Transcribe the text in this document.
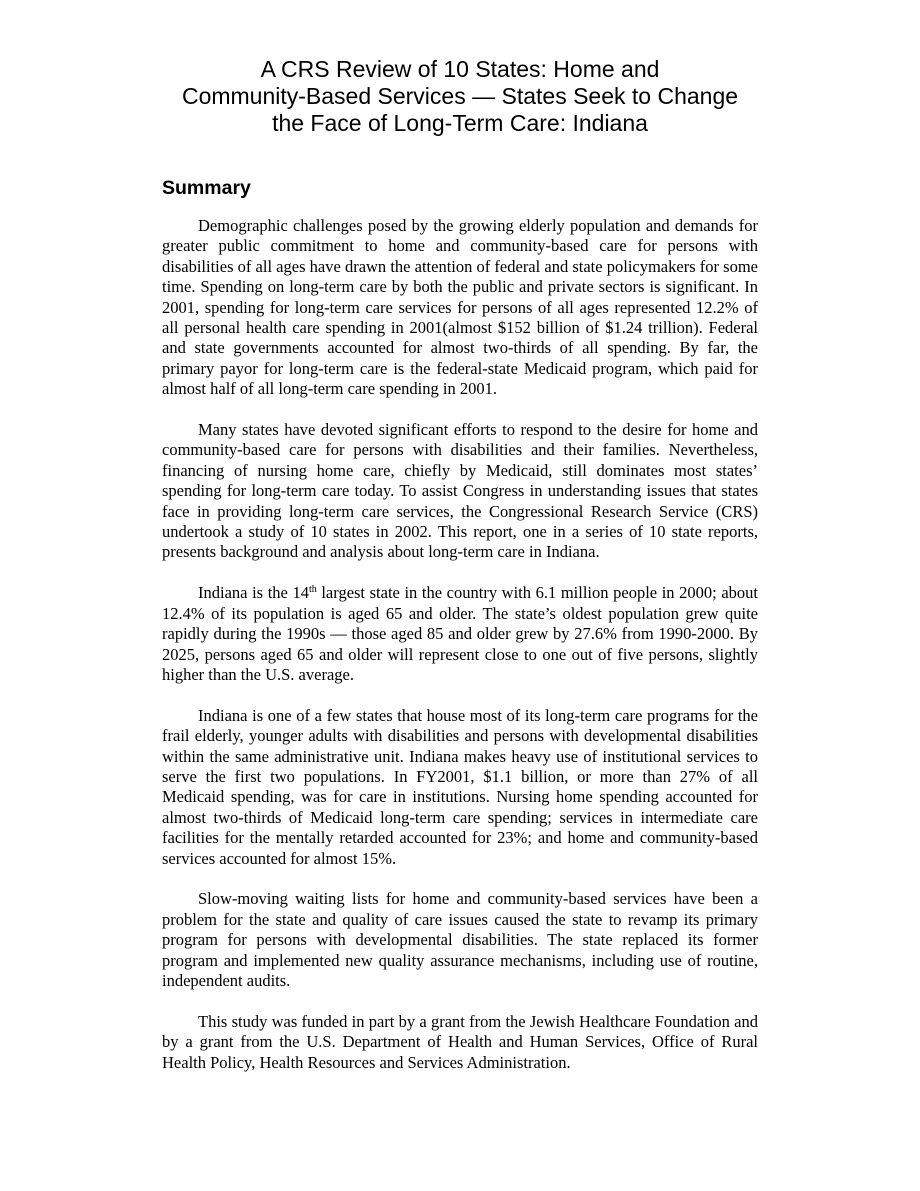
A CRS Review of 10 States: Home and
Community-Based Services — States Seek to Change
the Face of Long-Term Care: Indiana
Summary

Demographic challenges posed by the growing elderly population and demands for greater public commitment to home and community-based care for persons with disabilities of all ages have drawn the attention of federal and state policymakers for some time. Spending on long-term care by both the public and private sectors is significant. In 2001, spending for long-term care services for persons of all ages represented 12.2% of all personal health care spending in 2001(almost $152 billion of $1.24 trillion). Federal and state governments accounted for almost two-thirds of all spending. By far, the primary payor for long-term care is the federal-state Medicaid program, which paid for almost half of all long-term care spending in 2001.

Many states have devoted significant efforts to respond to the desire for home and community-based care for persons with disabilities and their families. Nevertheless, financing of nursing home care, chiefly by Medicaid, still dominates most states’ spending for long-term care today. To assist Congress in understanding issues that states face in providing long-term care services, the Congressional Research Service (CRS) undertook a study of 10 states in 2002. This report, one in a series of 10 state reports, presents background and analysis about long-term care in Indiana.

Indiana is the 14th largest state in the country with 6.1 million people in 2000; about 12.4% of its population is aged 65 and older. The state’s oldest population grew quite rapidly during the 1990s — those aged 85 and older grew by 27.6% from 1990-2000. By 2025, persons aged 65 and older will represent close to one out of five persons, slightly higher than the U.S. average.

Indiana is one of a few states that house most of its long-term care programs for the frail elderly, younger adults with disabilities and persons with developmental disabilities within the same administrative unit. Indiana makes heavy use of institutional services to serve the first two populations. In FY2001, $1.1 billion, or more than 27% of all Medicaid spending, was for care in institutions. Nursing home spending accounted for almost two-thirds of Medicaid long-term care spending; services in intermediate care facilities for the mentally retarded accounted for 23%; and home and community-based services accounted for almost 15%.

Slow-moving waiting lists for home and community-based services have been a problem for the state and quality of care issues caused the state to revamp its primary program for persons with developmental disabilities. The state replaced its former program and implemented new quality assurance mechanisms, including use of routine, independent audits.

This study was funded in part by a grant from the Jewish Healthcare Foundation and by a grant from the U.S. Department of Health and Human Services, Office of Rural Health Policy, Health Resources and Services Administration.
